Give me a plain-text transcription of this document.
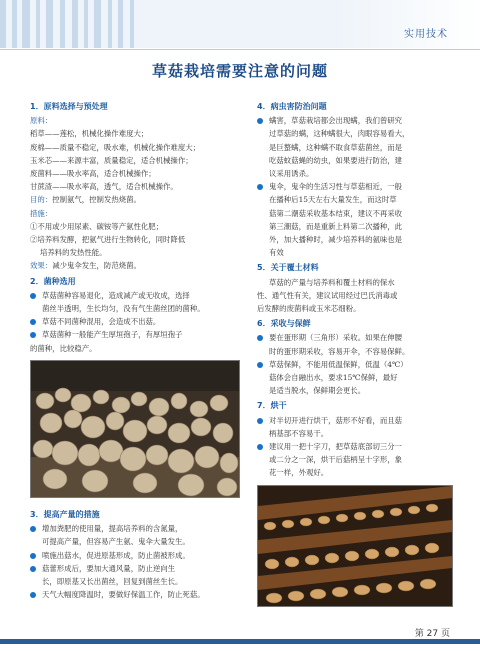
实用技术
草菇栽培需要注意的问题
1．原料选择与预处理
原料：
稻草——莲松，机械化操作难度大；
废棉——质量不稳定，吸水难，机械化操作难度大；
玉米芯——来源丰富，质量稳定，适合机械操作；
废菌料——吸水率高，适合机械操作；
甘蔗渣——吸水率高，透气，适合机械操作。
目的：控制氨气，控制发热烧菌。
措施：
①不用或少用尿素、碳铵等产氨性化肥；
②培养料发酵，把氨气进行生物转化，同时降低
培养料的发热性能。
效果：减少鬼伞发生，防范烧菌。
2．菌种选用
草菇菌种容易退化，造成减产或无收成，选择
菌丝半透明，生长均匀，没有气生菌丝团的菌种。
草菇不同菌种混用，会造成不出菇。
草菇菌种一般能产生厚垣孢子，有厚垣孢子
的菌种，比较稳产。
3．提高产量的措施
增加粪肥的使用量，提高培养料的含氮量，
可提高产量，但容易产生氨、鬼伞大量发生。
喷施出菇水，促进原基形成，防止菌被形成。
菇蕾形成后，要加大通风量，防止逆向生
长，即原基又长出菌丝，回复到菌丝生长。
天气大幅度降温时，要做好保温工作，防止死菇。
4．病虫害防治问题
螨害，草菇栽培都会出现螨，我们曾研究
过草菇的螨，这种螨很大，肉眼容易看大，
是巨螯螨，这种螨不取食草菇菌丝，而是
吃菇蚊菇蝇的幼虫，如果要进行防治，建
议采用诱杀。
鬼伞，鬼伞的生活习性与草菇相近，一般
在播种后15天左右大量发生，而这时草
菇第二潮菇采收基本结束，建议不再采收
第三潮菇，而是重新上料第二次播种，此
外，加大播种时，减少培养料的氨味也是
有效
5．关于覆土材料
草菇的产量与培养料和覆土材料的保水
性、通气性有关，建议试用经过巴氏消毒或
后发酵的废菌料或玉米芯细粉。
6．采收与保鲜
要在蛋形期（三角形）采收。如果在伸腰
时的蛋形期采收，容易开伞，不容易保鲜。
草菇保鲜，不能用低温保鲜，低温（4℃）
菇体会自融出水，要求15℃保鲜，最好
是适当脱水，保鲜期会更长。
7．烘干
对半切开进行烘干，菇形不好看，而且菇
柄基部不容易干。
建议用一把十字刀，把草菇底部切三分一
或二分之一深，烘干后菇柄呈十字形，象
花一样，外观好。
第 27 页
